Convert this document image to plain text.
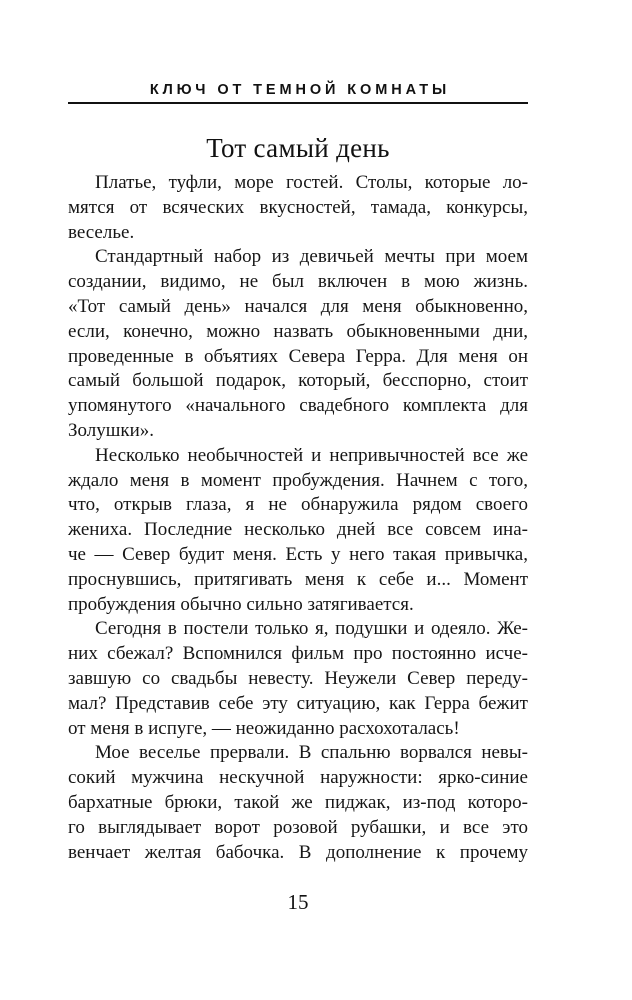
КЛЮЧ ОТ ТЕМНОЙ КОМНАТЫ
Тот самый день
Платье, туфли, море гостей. Столы, которые ло-
мятся от всяческих вкусностей, тамада, конкурсы,
веселье.
Стандартный набор из девичьей мечты при моем
создании, видимо, не был включен в мою жизнь.
«Тот самый день» начался для меня обыкновенно,
если, конечно, можно назвать обыкновенными дни,
проведенные в объятиях Севера Герра. Для меня он
самый большой подарок, который, бесспорно, стоит
упомянутого «начального свадебного комплекта для
Золушки».
Несколько необычностей и непривычностей все же
ждало меня в момент пробуждения. Начнем с того,
что, открыв глаза, я не обнаружила рядом своего
жениха. Последние несколько дней все совсем ина-
че — Север будит меня. Есть у него такая привычка,
проснувшись, притягивать меня к себе и... Момент
пробуждения обычно сильно затягивается.
Сегодня в постели только я, подушки и одеяло. Же-
них сбежал? Вспомнился фильм про постоянно исче-
завшую со свадьбы невесту. Неужели Север переду-
мал? Представив себе эту ситуацию, как Герра бежит
от меня в испуге, — неожиданно расхохоталась!
Мое веселье прервали. В спальню ворвался невы-
сокий мужчина нескучной наружности: ярко-синие
бархатные брюки, такой же пиджак, из-под которо-
го выглядывает ворот розовой рубашки, и все это
венчает желтая бабочка. В дополнение к прочему
15
